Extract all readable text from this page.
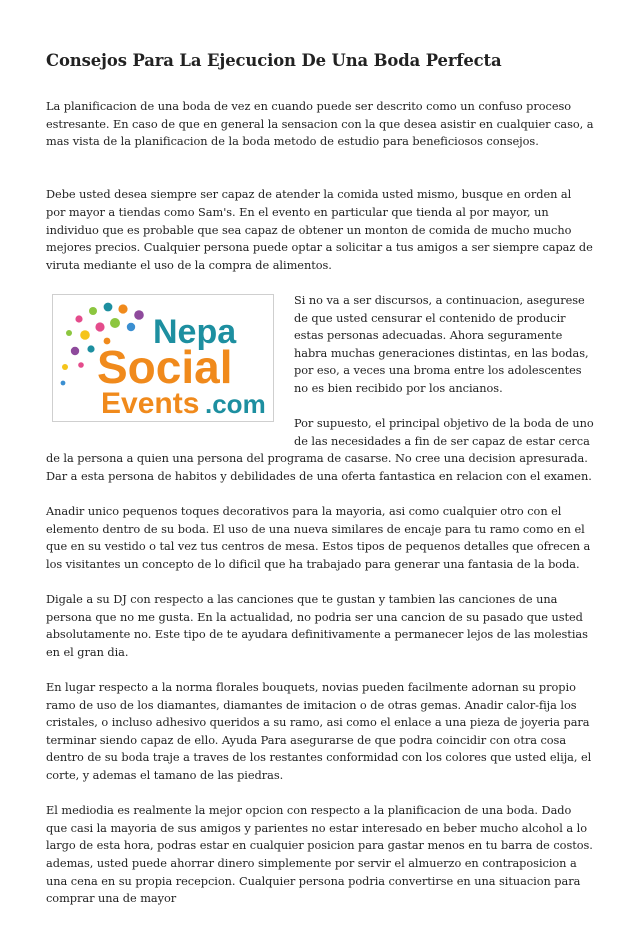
Consejos Para La Ejecucion De Una Boda Perfecta

La planificacion de una boda de vez en cuando puede ser descrito como un confuso proceso estresante. En caso de que en general la sensacion con la que desea asistir en cualquier caso, a mas vista de la planificacion de la boda metodo de estudio para beneficiosos consejos.

Debe usted desea siempre ser capaz de atender la comida usted mismo, busque en orden al por mayor a tiendas como Sam's. En el evento en particular que tienda al por mayor, un individuo que es probable que sea capaz de obtener un monton de comida de mucho mucho mejores precios. Cualquier persona puede optar a solicitar a tus amigos a ser siempre capaz de viruta mediante el uso de la compra de alimentos.

Nepa
Social
Events .com

Si no va a ser discursos, a continuacion, asegurese de que usted censurar el contenido de producir estas personas adecuadas. Ahora seguramente habra muchas generaciones distintas, en las bodas, por eso, a veces una broma entre los adolescentes no es bien recibido por los ancianos.

Por supuesto, el principal objetivo de la boda de uno de las necesidades a fin de ser capaz de estar cerca de la persona a quien una persona del programa de casarse. No cree una decision apresurada. Dar a esta persona de habitos y debilidades de una oferta fantastica en relacion con el examen.

Anadir unico pequenos toques decorativos para la mayoria, asi como cualquier otro con el elemento dentro de su boda. El uso de una nueva similares de encaje para tu ramo como en el que en su vestido o tal vez tus centros de mesa. Estos tipos de pequenos detalles que ofrecen a los visitantes un concepto de lo dificil que ha trabajado para generar una fantasia de la boda.

Digale a su DJ con respecto a las canciones que te gustan y tambien las canciones de una persona que no me gusta. En la actualidad, no podria ser una cancion de su pasado que usted absolutamente no. Este tipo de te ayudara definitivamente a permanecer lejos de las molestias en el gran dia.

En lugar respecto a la norma florales bouquets, novias pueden facilmente adornan su propio ramo de uso de los diamantes, diamantes de imitacion o de otras gemas. Anadir calor-fija los cristales, o incluso adhesivo queridos a su ramo, asi como el enlace a una pieza de joyeria para terminar siendo capaz de ello. Ayuda Para asegurarse de que podra coincidir con otra cosa dentro de su boda traje a traves de los restantes conformidad con los colores que usted elija, el corte, y ademas el tamano de las piedras.

El mediodia es realmente la mejor opcion con respecto a la planificacion de una boda. Dado que casi la mayoria de sus amigos y parientes no estar interesado en beber mucho alcohol a lo largo de esta hora, podras estar en cualquier posicion para gastar menos en tu barra de costos. ademas, usted puede ahorrar dinero simplemente por servir el almuerzo en contraposicion a una cena en su propia recepcion. Cualquier persona podria convertirse en una situacion para comprar una de mayor
